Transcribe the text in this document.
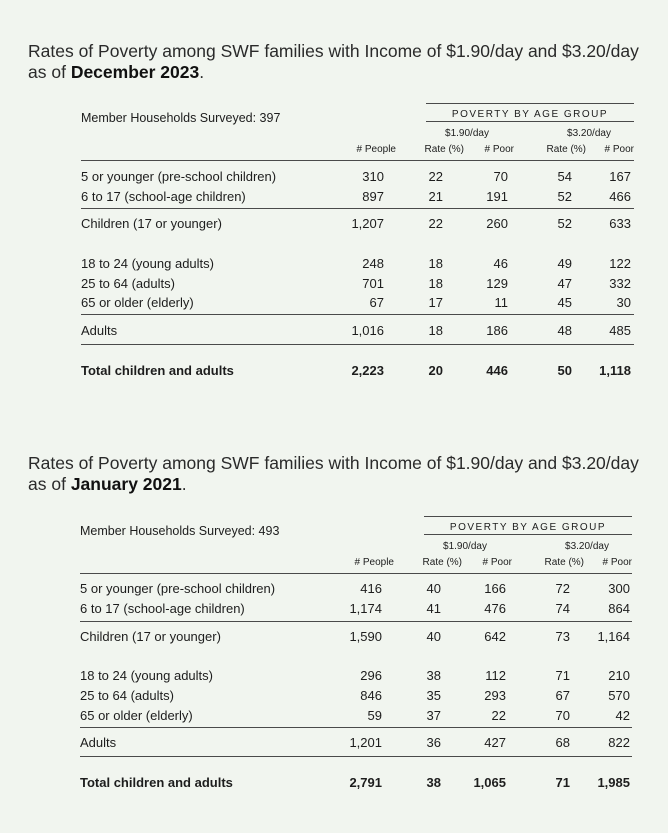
Rates of Poverty among SWF families with Income of $1.90/day and $3.20/day as of December 2023.
Member Households Surveyed: 397	POVERTY BY AGE GROUP
$1.90/day	$3.20/day
# People	Rate (%)	# Poor	Rate (%)	# Poor
5 or younger (pre-school children)	310	22	70	54	167
6 to 17 (school-age children)	897	21	191	52	466
Children (17 or younger)	1,207	22	260	52	633
18 to 24 (young adults)	248	18	46	49	122
25 to 64 (adults)	701	18	129	47	332
65 or older (elderly)	67	17	11	45	30
Adults	1,016	18	186	48	485
Total children and adults	2,223	20	446	50	1,118
Rates of Poverty among SWF families with Income of $1.90/day and $3.20/day as of January 2021.
Member Households Surveyed: 493	POVERTY BY AGE GROUP
$1.90/day	$3.20/day
# People	Rate (%)	# Poor	Rate (%)	# Poor
5 or younger (pre-school children)	416	40	166	72	300
6 to 17 (school-age children)	1,174	41	476	74	864
Children (17 or younger)	1,590	40	642	73	1,164
18 to 24 (young adults)	296	38	112	71	210
25 to 64 (adults)	846	35	293	67	570
65 or older (elderly)	59	37	22	70	42
Adults	1,201	36	427	68	822
Total children and adults	2,791	38	1,065	71	1,985
